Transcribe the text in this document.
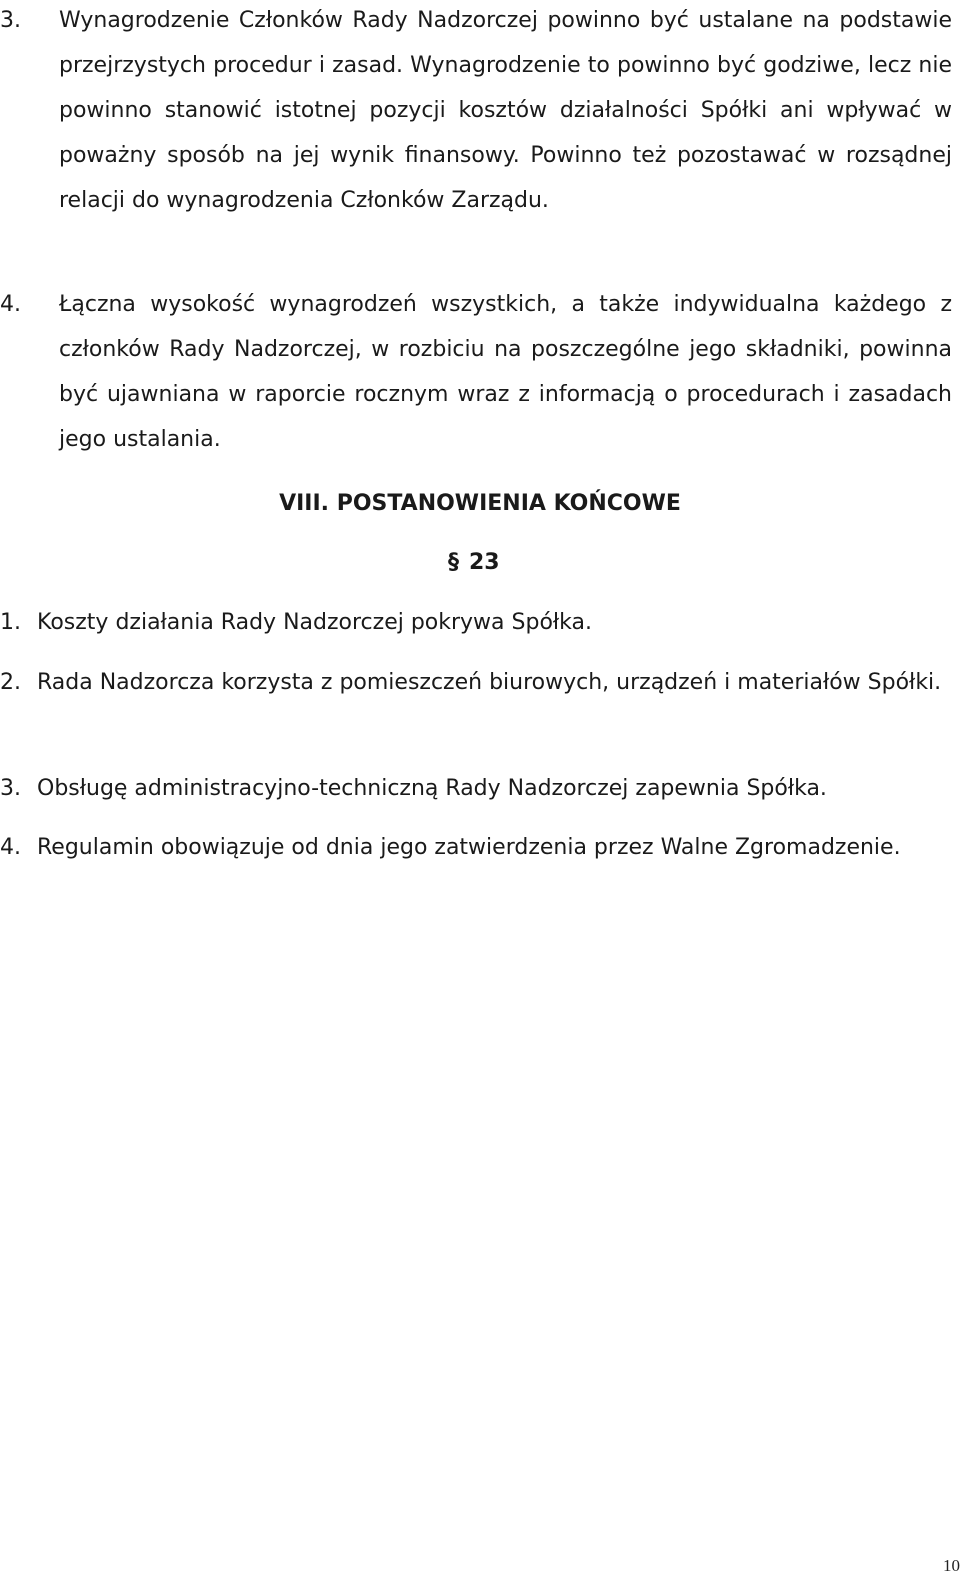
3. Wynagrodzenie Członków Rady Nadzorczej powinno być ustalane na podstawie przejrzystych procedur i zasad. Wynagrodzenie to powinno być godziwe, lecz nie powinno stanowić istotnej pozycji kosztów działalności Spółki ani wpływać w poważny sposób na jej wynik finansowy. Powinno też pozostawać w rozsądnej relacji do wynagrodzenia Członków Zarządu.
4. Łączna wysokość wynagrodzeń wszystkich, a także indywidualna każdego z członków Rady Nadzorczej, w rozbiciu na poszczególne jego składniki, powinna być ujawniana w raporcie rocznym wraz z informacją o procedurach i zasadach jego ustalania.
VIII. POSTANOWIENIA KOŃCOWE
§ 23
1. Koszty działania Rady Nadzorczej pokrywa Spółka.
2. Rada Nadzorcza korzysta z pomieszczeń biurowych, urządzeń i materiałów Spółki.
3. Obsługę administracyjno-techniczną Rady Nadzorczej zapewnia Spółka.
4. Regulamin obowiązuje od dnia jego zatwierdzenia przez Walne Zgromadzenie.
10
